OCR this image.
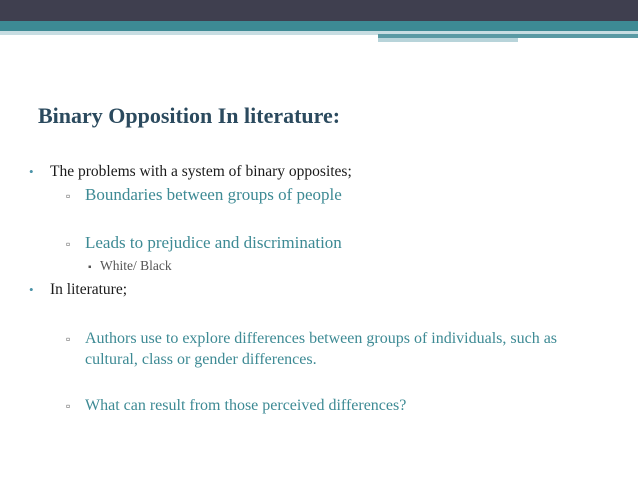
Binary Opposition In literature:
• The problems with a system of binary opposites;
▫ Boundaries between groups of people
▫ Leads to prejudice and discrimination
▪ White/ Black
• In literature;
▫ Authors use to explore differences between groups of individuals, such as cultural, class or gender differences.
▫ What can result from those perceived differences?
